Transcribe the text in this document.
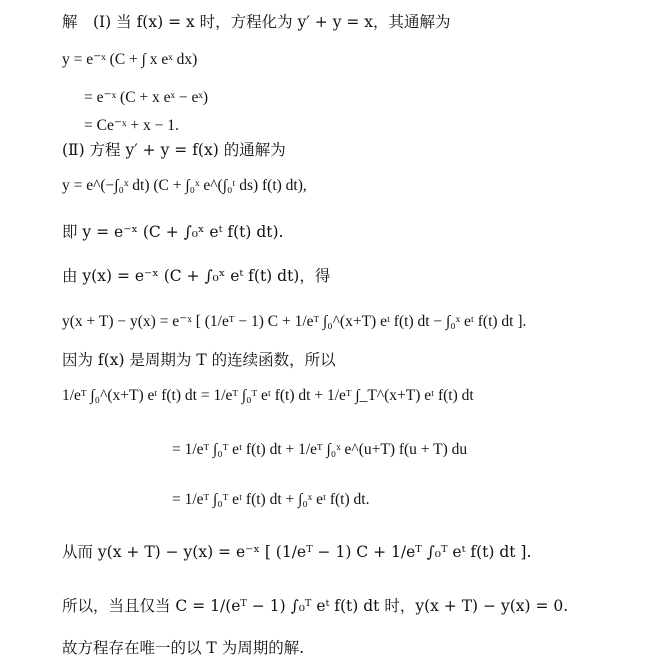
解　(Ⅰ) 当 f(x) = x 时，方程化为 y′ + y = x，其通解为
y = e⁻ˣ (C + ∫ x eˣ dx)
= e⁻ˣ (C + x eˣ − eˣ)
= Ce⁻ˣ + x − 1.
(Ⅱ) 方程 y′ + y = f(x) 的通解为
y = e^(−∫₀ˣ dt) (C + ∫₀ˣ e^(∫₀ᵗ ds) f(t) dt),
即 y = e⁻ˣ (C + ∫₀ˣ eᵗ f(t) dt).
由 y(x) = e⁻ˣ (C + ∫₀ˣ eᵗ f(t) dt)，得
y(x + T) − y(x) = e⁻ˣ [ (1/eᵀ − 1) C + 1/eᵀ ∫₀^(x+T) eᵗ f(t) dt − ∫₀ˣ eᵗ f(t) dt ].
因为 f(x) 是周期为 T 的连续函数，所以
1/eᵀ ∫₀^(x+T) eᵗ f(t) dt = 1/eᵀ ∫₀ᵀ eᵗ f(t) dt + 1/eᵀ ∫_T^(x+T) eᵗ f(t) dt
= 1/eᵀ ∫₀ᵀ eᵗ f(t) dt + 1/eᵀ ∫₀ˣ e^(u+T) f(u + T) du
= 1/eᵀ ∫₀ᵀ eᵗ f(t) dt + ∫₀ˣ eᵗ f(t) dt.
从而 y(x + T) − y(x) = e⁻ˣ [ (1/eᵀ − 1) C + 1/eᵀ ∫₀ᵀ eᵗ f(t) dt ].
所以，当且仅当 C = 1/(eᵀ − 1) ∫₀ᵀ eᵗ f(t) dt 时，y(x + T) − y(x) = 0.
故方程存在唯一的以 T 为周期的解.
